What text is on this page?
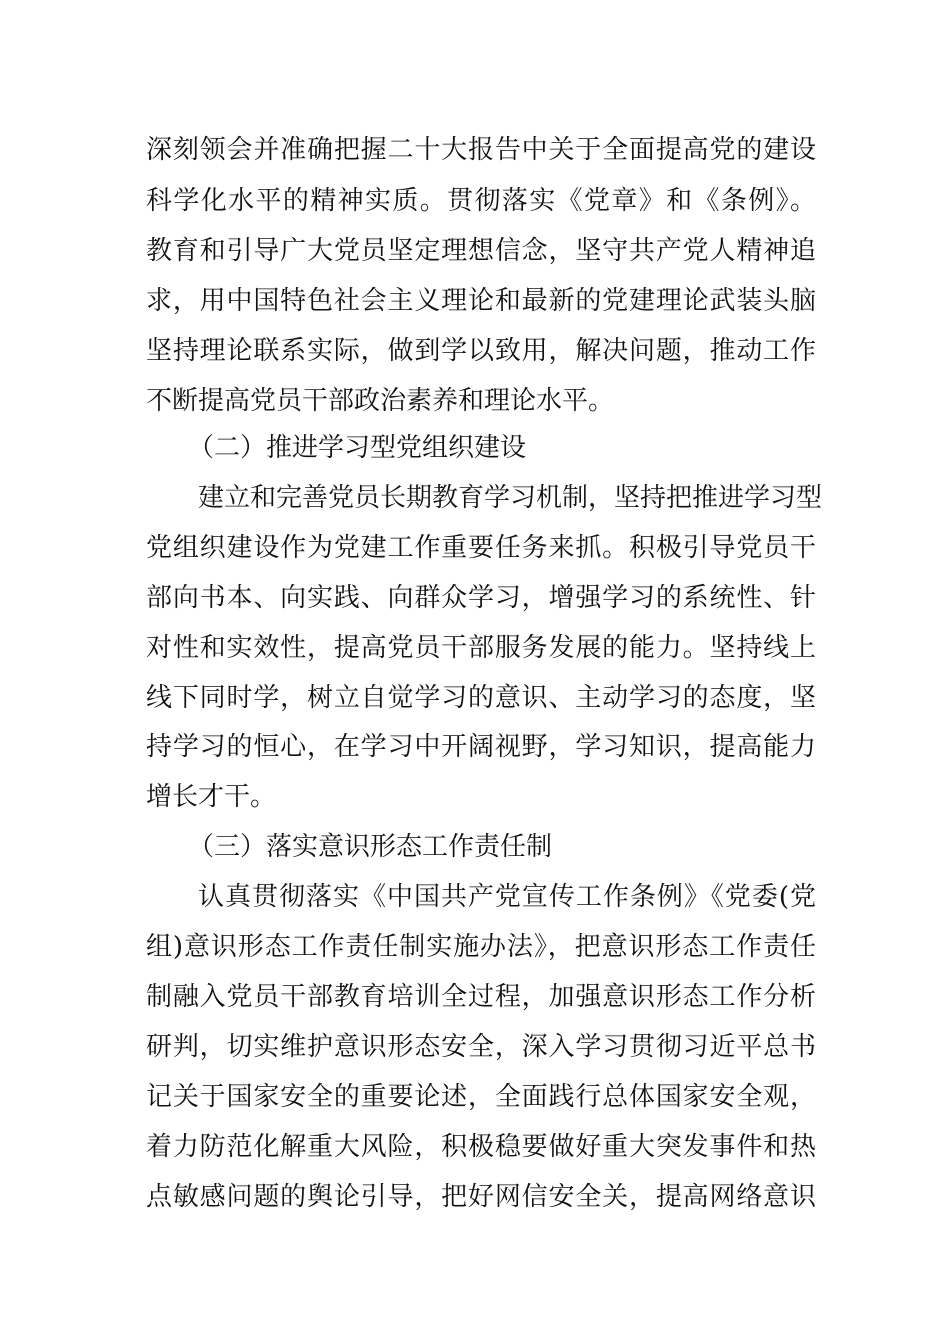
深刻领会并准确把握二十大报告中关于全面提高党的建设
科学化水平的精神实质。贯彻落实《党章》和《条例》。
教育和引导广大党员坚定理想信念，坚守共产党人精神追
求，用中国特色社会主义理论和最新的党建理论武装头脑
坚持理论联系实际，做到学以致用，解决问题，推动工作
不断提高党员干部政治素养和理论水平。
（二）推进学习型党组织建设
建立和完善党员长期教育学习机制，坚持把推进学习型
党组织建设作为党建工作重要任务来抓。积极引导党员干
部向书本、向实践、向群众学习，增强学习的系统性、针
对性和实效性，提高党员干部服务发展的能力。坚持线上
线下同时学，树立自觉学习的意识、主动学习的态度，坚
持学习的恒心，在学习中开阔视野，学习知识，提高能力
增长才干。
（三）落实意识形态工作责任制
认真贯彻落实《中国共产党宣传工作条例》《党委(党
组)意识形态工作责任制实施办法》，把意识形态工作责任
制融入党员干部教育培训全过程，加强意识形态工作分析
研判，切实维护意识形态安全，深入学习贯彻习近平总书
记关于国家安全的重要论述，全面践行总体国家安全观，
着力防范化解重大风险，积极稳要做好重大突发事件和热
点敏感问题的舆论引导，把好网信安全关，提高网络意识
